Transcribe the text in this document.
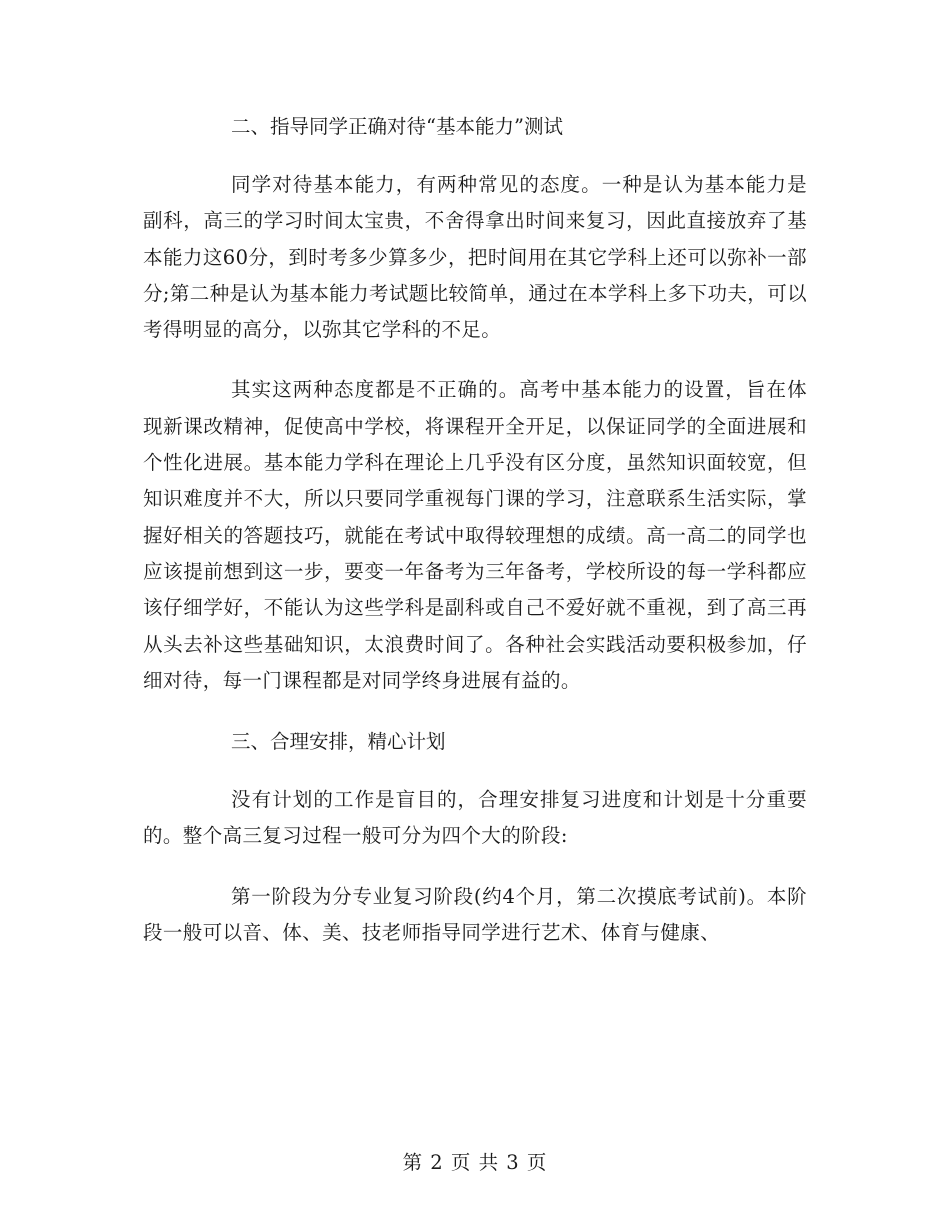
二、指导同学正确对待“基本能力”测试

同学对待基本能力，有两种常见的态度。一种是认为基本能力是副科，高三的学习时间太宝贵，不舍得拿出时间来复习，因此直接放弃了基本能力这60分，到时考多少算多少，把时间用在其它学科上还可以弥补一部分;第二种是认为基本能力考试题比较简单，通过在本学科上多下功夫，可以考得明显的高分，以弥其它学科的不足。

其实这两种态度都是不正确的。高考中基本能力的设置，旨在体现新课改精神，促使高中学校，将课程开全开足，以保证同学的全面进展和个性化进展。基本能力学科在理论上几乎没有区分度，虽然知识面较宽，但知识难度并不大，所以只要同学重视每门课的学习，注意联系生活实际，掌握好相关的答题技巧，就能在考试中取得较理想的成绩。高一高二的同学也应该提前想到这一步，要变一年备考为三年备考，学校所设的每一学科都应该仔细学好，不能认为这些学科是副科或自己不爱好就不重视，到了高三再从头去补这些基础知识，太浪费时间了。各种社会实践活动要积极参加，仔细对待，每一门课程都是对同学终身进展有益的。

三、合理安排，精心计划

没有计划的工作是盲目的，合理安排复习进度和计划是十分重要的。整个高三复习过程一般可分为四个大的阶段:

第一阶段为分专业复习阶段(约4个月，第二次摸底考试前)。本阶段一般可以音、体、美、技老师指导同学进行艺术、体育与健康、

第 2 页 共 3 页
